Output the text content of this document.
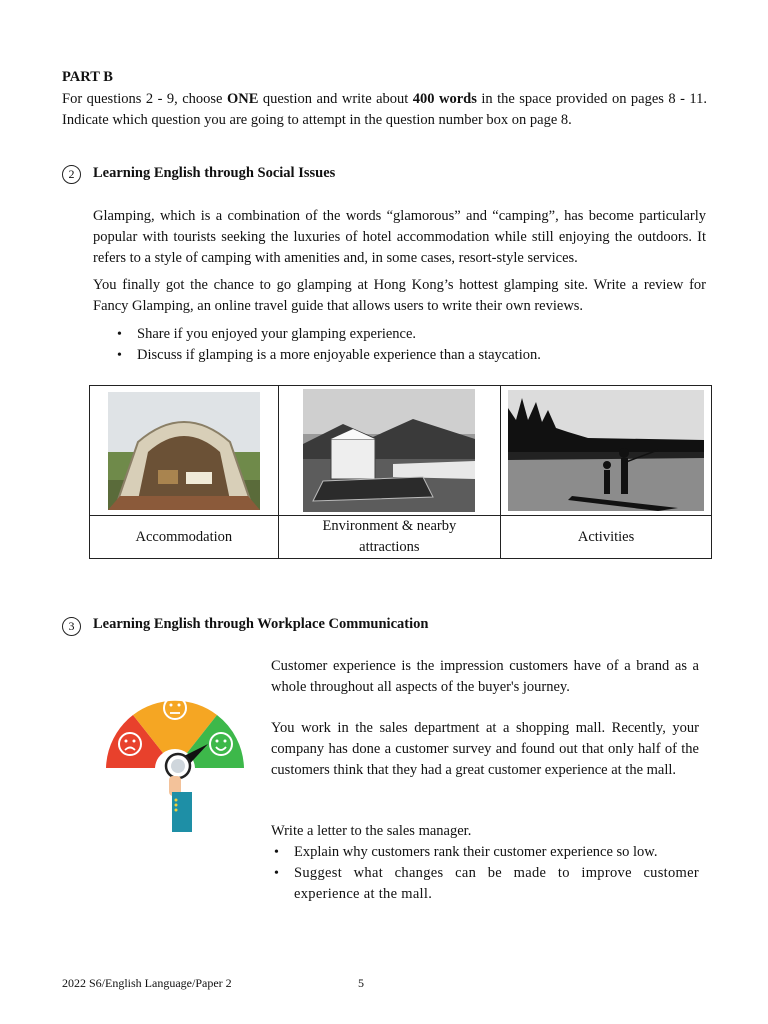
PART B
For questions 2 - 9, choose ONE question and write about 400 words in the space provided on pages 8 - 11. Indicate which question you are going to attempt in the question number box on page 8.
2	Learning English through Social Issues
Glamping, which is a combination of the words “glamorous” and “camping”, has become particularly popular with tourists seeking the luxuries of hotel accommodation while still enjoying the outdoors. It refers to a style of camping with amenities and, in some cases, resort-style services.
You finally got the chance to go glamping at Hong Kong’s hottest glamping site. Write a review for Fancy Glamping, an online travel guide that allows users to write their own reviews.
• Share if you enjoyed your glamping experience.
• Discuss if glamping is a more enjoyable experience than a staycation.

Accommodation	Environment & nearby attractions	Activities
3	Learning English through Workplace Communication
Customer experience is the impression customers have of a brand as a whole throughout all aspects of the buyer's journey.
You work in the sales department at a shopping mall. Recently, your company has done a customer survey and found out that only half of the customers think that they had a great customer experience at the mall.
Write a letter to the sales manager.
• Explain why customers rank their customer experience so low.
• Suggest what changes can be made to improve customer experience at the mall.
2022 S6/English Language/Paper 2	5
